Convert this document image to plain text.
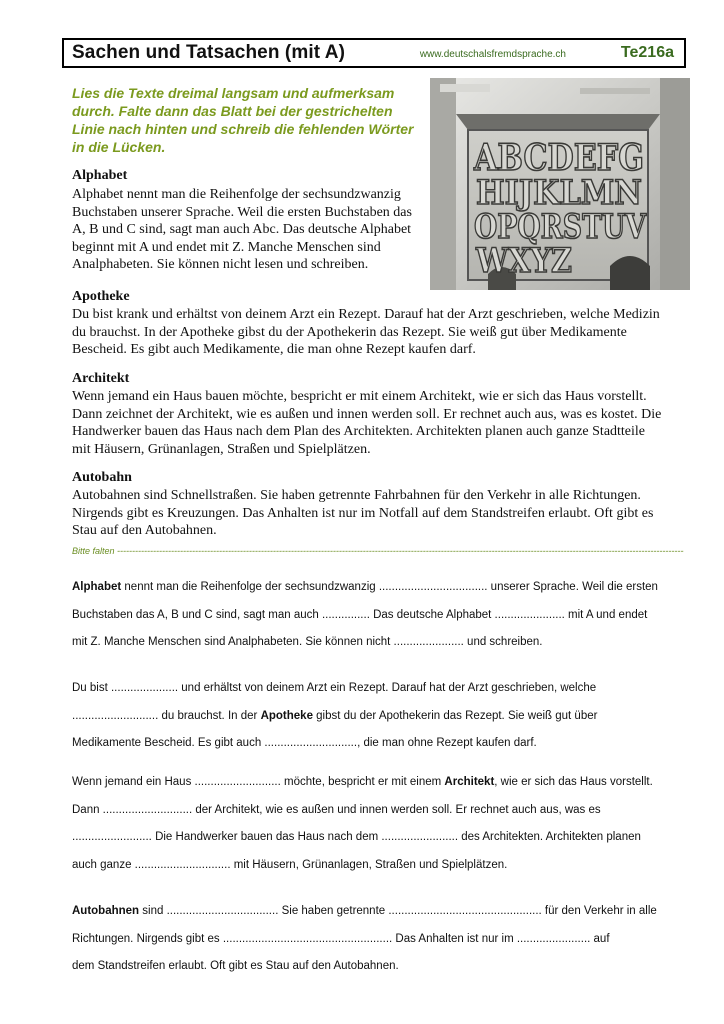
Sachen und Tatsachen (mit A)	www.deutschalsfremdsprache.ch	Te216a
Lies die Texte dreimal langsam und aufmerksam durch. Falte dann das Blatt bei der gestrichelten Linie nach hinten und schreib die fehlenden Wörter in die Lücken.	ABCDEFG
HIJKLMN
OPQRSTUV
WXYZ
Alphabet
Alphabet nennt man die Reihenfolge der sechsundzwanzig
Buchstaben unserer Sprache. Weil die ersten Buchstaben das
A, B und C sind, sagt man auch Abc. Das deutsche Alphabet
beginnt mit A und endet mit Z. Manche Menschen sind
Analphabeten. Sie können nicht lesen und schreiben.
Apotheke
Du bist krank und erhältst von deinem Arzt ein Rezept. Darauf hat der Arzt geschrieben, welche Medizin
du brauchst. In der Apotheke gibst du der Apothekerin das Rezept. Sie weiß gut über Medikamente
Bescheid. Es gibt auch Medikamente, die man ohne Rezept kaufen darf.
Architekt
Wenn jemand ein Haus bauen möchte, bespricht er mit einem Architekt, wie er sich das Haus vorstellt.
Dann zeichnet der Architekt, wie es außen und innen werden soll. Er rechnet auch aus, was es kostet. Die
Handwerker bauen das Haus nach dem Plan des Architekten. Architekten planen auch ganze Stadtteile
mit Häusern, Grünanlagen, Straßen und Spielplätzen.
Autobahn
Autobahnen sind Schnellstraßen. Sie haben getrennte Fahrbahnen für den Verkehr in alle Richtungen.
Nirgends gibt es Kreuzungen. Das Anhalten ist nur im Notfall auf dem Standstreifen erlaubt. Oft gibt es
Stau auf den Autobahnen.
Bitte falten ---------------------------------------------------------------------------------------------------------------------------------------------------------------------------------------------
Alphabet nennt man die Reihenfolge der sechsundzwanzig .................................. unserer Sprache. Weil die ersten
Buchstaben das A, B und C sind, sagt man auch ............... Das deutsche Alphabet ...................... mit A und endet
mit Z. Manche Menschen sind Analphabeten. Sie können nicht ...................... und schreiben.
Du bist ..................... und erhältst von deinem Arzt ein Rezept. Darauf hat der Arzt geschrieben, welche
........................... du brauchst. In der Apotheke gibst du der Apothekerin das Rezept. Sie weiß gut über
Medikamente Bescheid. Es gibt auch ............................., die man ohne Rezept kaufen darf.
Wenn jemand ein Haus ........................... möchte, bespricht er mit einem Architekt, wie er sich das Haus vorstellt.
Dann ............................ der Architekt, wie es außen und innen werden soll. Er rechnet auch aus, was es
......................... Die Handwerker bauen das Haus nach dem ........................ des Architekten. Architekten planen
auch ganze .............................. mit Häusern, Grünanlagen, Straßen und Spielplätzen.
Autobahnen sind ................................... Sie haben getrennte ................................................ für den Verkehr in alle
Richtungen. Nirgends gibt es ..................................................... Das Anhalten ist nur im ....................... auf
dem Standstreifen erlaubt. Oft gibt es Stau auf den Autobahnen.
